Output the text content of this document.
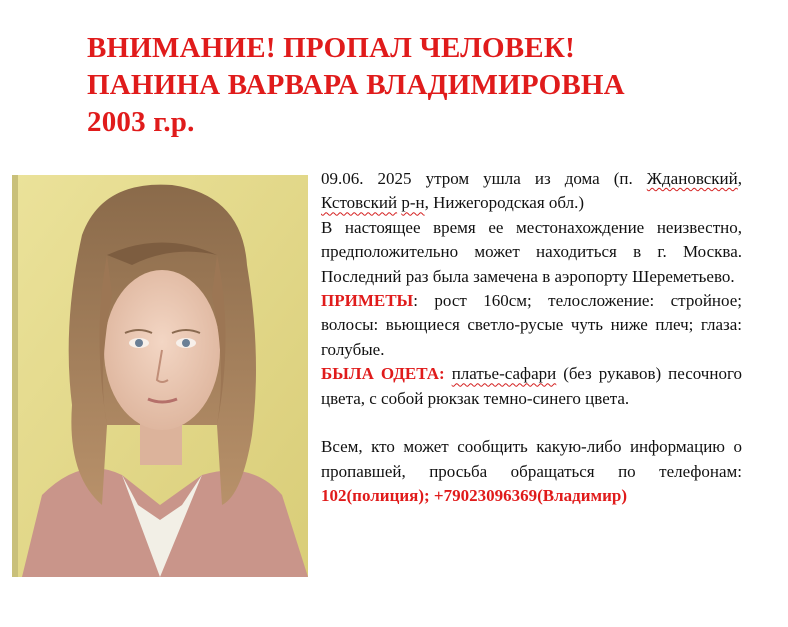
ВНИМАНИЕ! ПРОПАЛ ЧЕЛОВЕК!
ПАНИНА ВАРВАРА ВЛАДИМИРОВНА
2003 г.р.

09.06. 2025 утром ушла из дома (п. Ждановский, Кстовский р-н, Нижегородская обл.)

В настоящее время ее местонахождение неизвестно, предположительно может находиться в г. Москва. Последний раз была замечена в аэропорту Шереметьево.

ПРИМЕТЫ: рост 160см; телосложение: стройное; волосы: вьющиеся светло-русые чуть ниже плеч; глаза: голубые.

БЫЛА ОДЕТА: платье-сафари (без рукавов) песочного цвета, с собой рюкзак темно-синего цвета.

Всем, кто может сообщить какую-либо информацию о пропавшей, просьба обращаться по телефонам: 102(полиция); +79023096369(Владимир)
